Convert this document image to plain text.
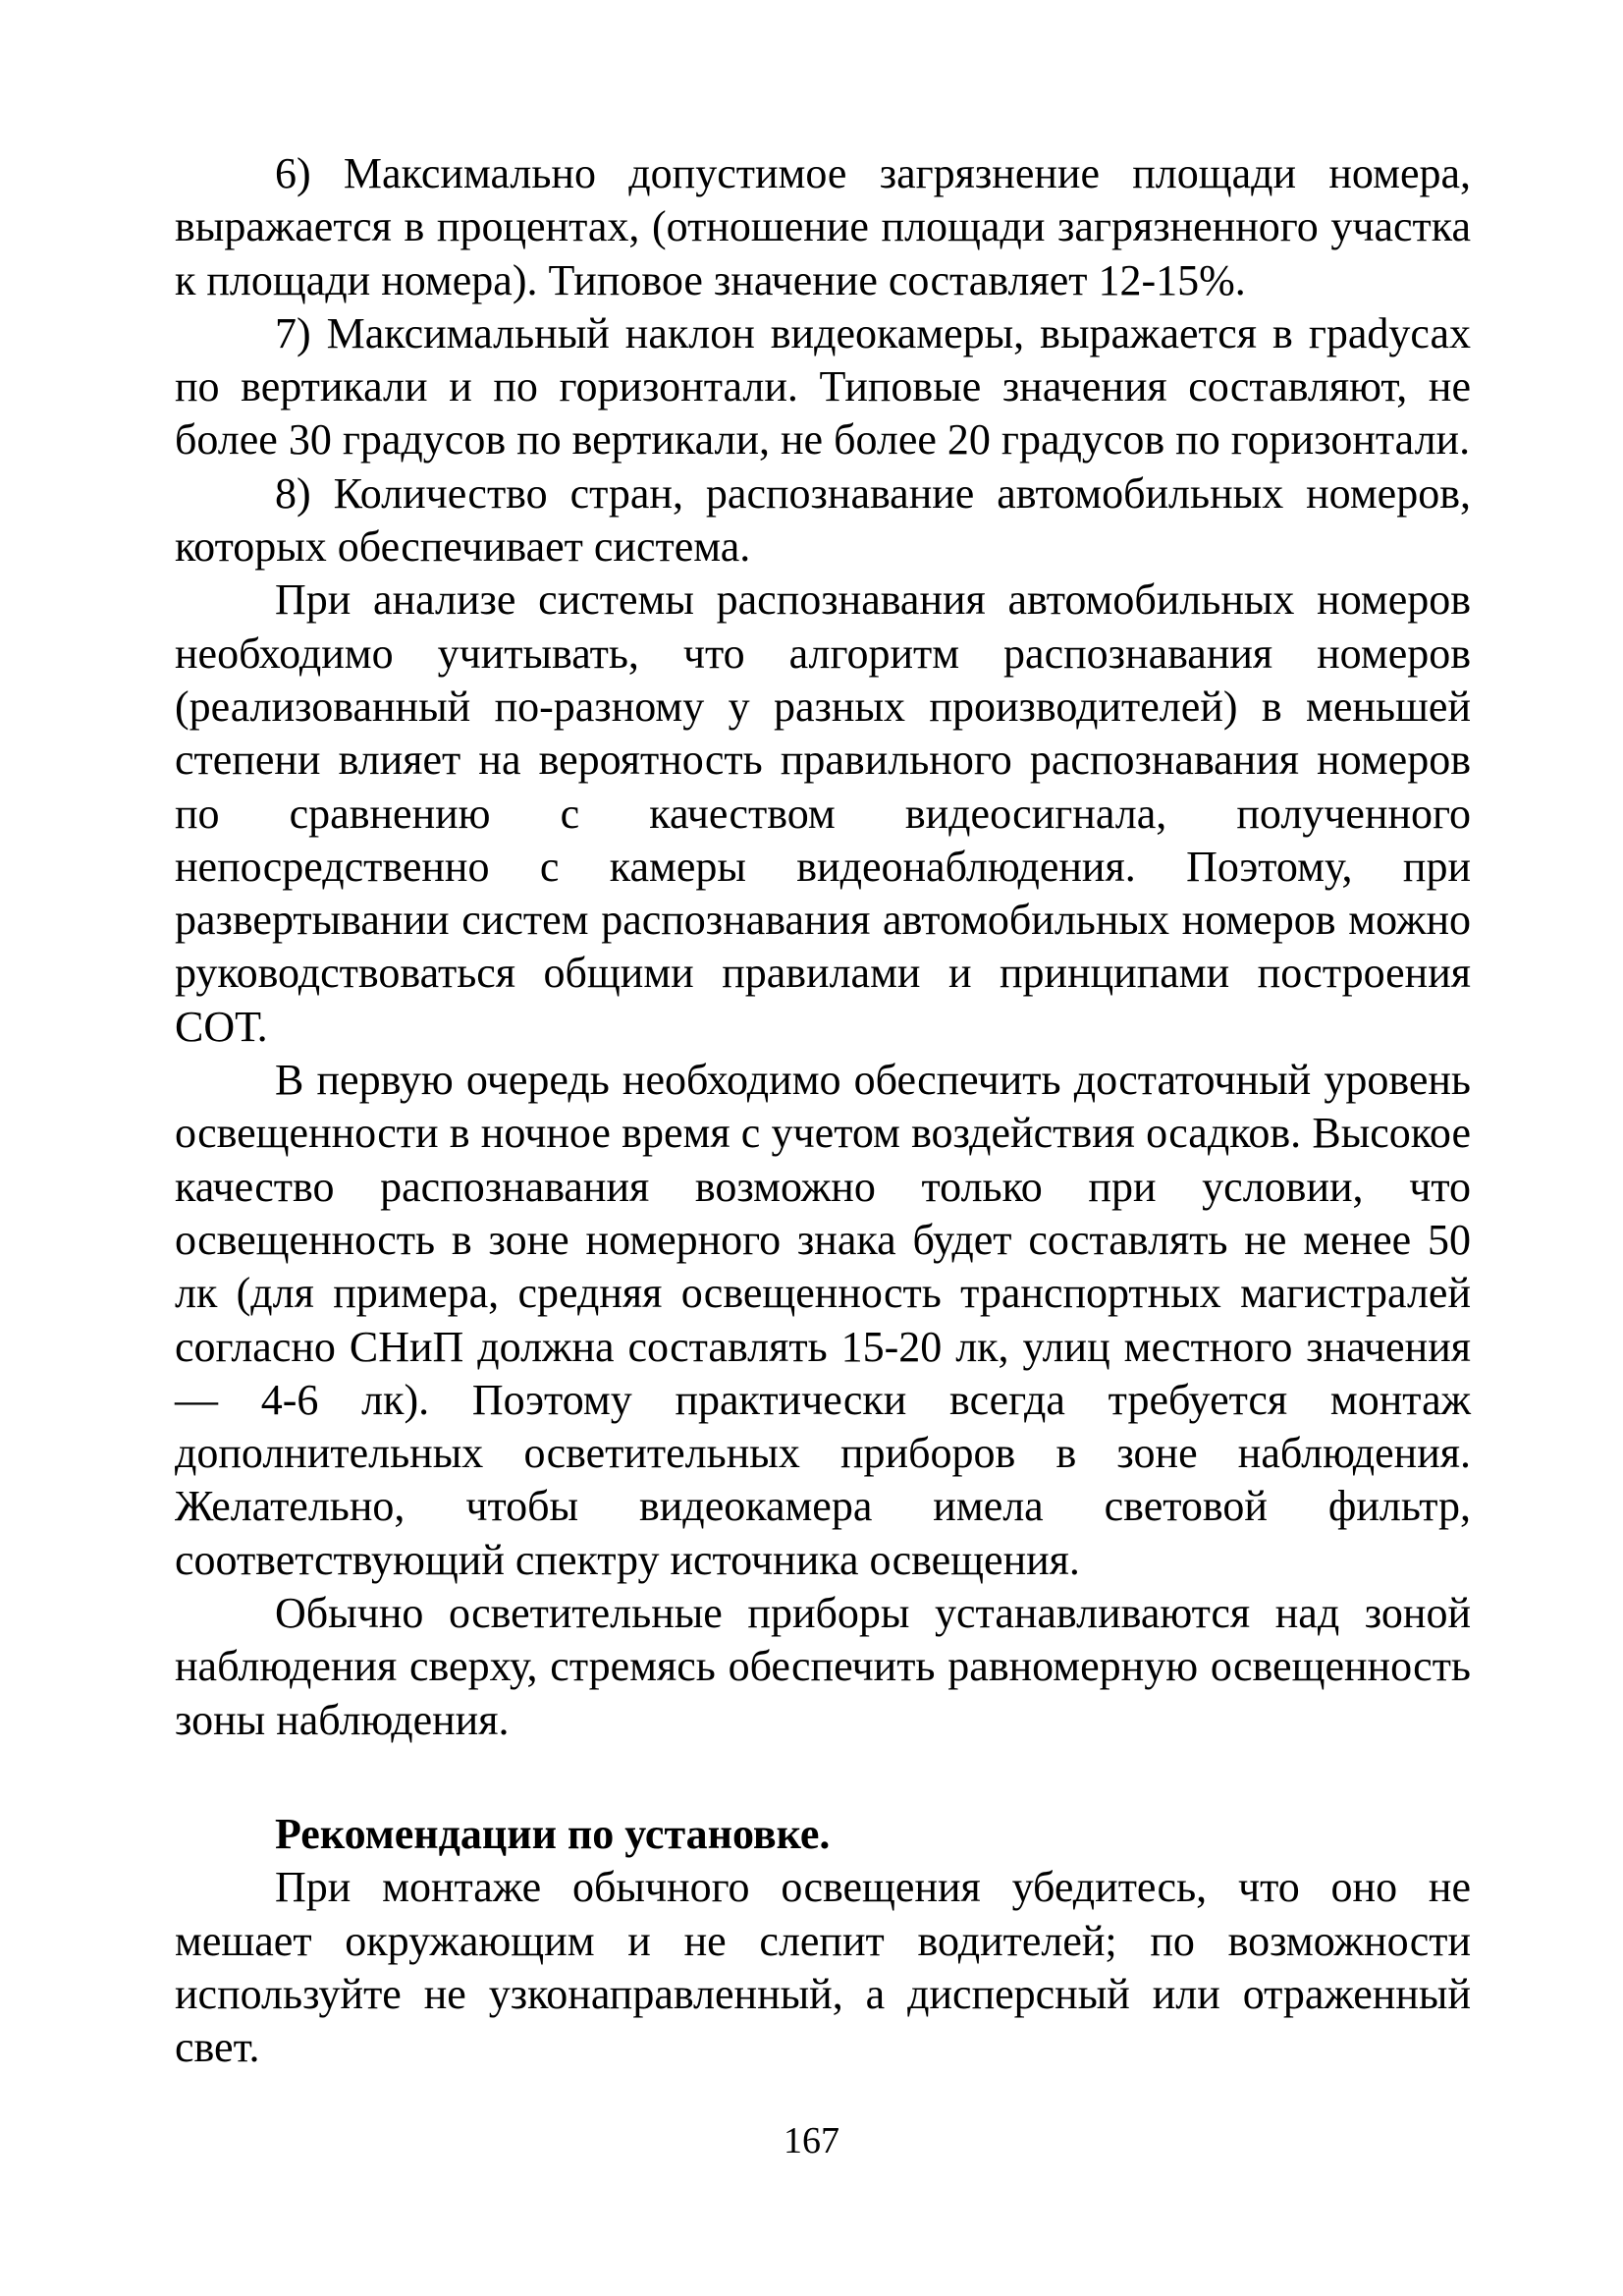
6) Максимально допустимое загрязнение площади номера, выражается в процентах, (отношение площади загрязненного участка к площади номера). Типовое значение составляет 12-15%.

7) Максимальный наклон видеокамеры, выражается в граdусах по вертикали и по горизонтали. Типовые значения составляют, не более 30 градусов по вертикали, не более 20 градусов по горизонтали.

8) Количество стран, распознавание автомобильных номеров, которых обеспечивает система.

При анализе системы распознавания автомобильных номеров необходимо учитывать, что алгоритм распознавания номеров (реализованный по-разному у разных производителей) в меньшей степени влияет на вероятность правильного распознавания номеров по сравнению с качеством видеосигнала, полученного непосредственно с камеры видеонаблюдения. Поэтому, при развертывании систем распознавания автомобильных номеров можно руководствоваться общими правилами и принципами построения СОТ.

В первую очередь необходимо обеспечить достаточный уровень освещенности в ночное время с учетом воздействия осадков. Высокое качество распознавания возможно только при условии, что освещенность в зоне номерного знака будет составлять не менее 50 лк (для примера, средняя освещенность транспортных магистралей согласно СНиП должна составлять 15-20 лк, улиц местного значения— 4-6 лк). Поэтому практически всегда требуется монтаж дополнительных осветительных приборов в зоне наблюдения. Желательно, чтобы видеокамера имела световой фильтр, соответствующий спектру источника освещения.

Обычно осветительные приборы устанавливаются над зоной наблюдения сверху, стремясь обеспечить равномерную освещенность зоны наблюдения.

Рекомендации по установке.

При монтаже обычного освещения убедитесь, что оно не мешает окружающим и не слепит водителей; по возможности используйте не узконаправленный, а дисперсный или отраженный свет.

167
